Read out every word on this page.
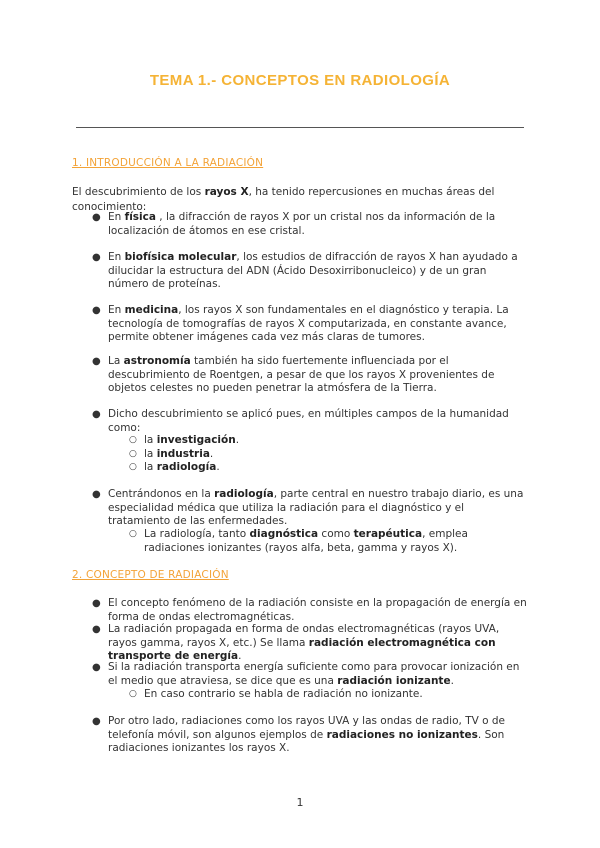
TEMA 1.- CONCEPTOS EN RADIOLOGÍA
1. INTRODUCCIÓN A LA RADIACIÓN

El descubrimiento de los rayos X, ha tenido repercusiones en muchas áreas del conocimiento:

● En física , la difracción de rayos X por un cristal nos da información de la localización de átomos en ese cristal.
● En biofísica molecular, los estudios de difracción de rayos X han ayudado a dilucidar la estructura del ADN (Ácido Desoxirribonucleico) y de un gran número de proteínas.
● En medicina, los rayos X son fundamentales en el diagnóstico y terapia. La tecnología de tomografías de rayos X computarizada, en constante avance, permite obtener imágenes cada vez más claras de tumores.
● La astronomía también ha sido fuertemente influenciada por el descubrimiento de Roentgen, a pesar de que los rayos X provenientes de objetos celestes no pueden penetrar la atmósfera de la Tierra.
● Dicho descubrimiento se aplicó pues, en múltiples campos de la humanidad como:
○ la investigación.
○ la industria.
○ la radiología.
● Centrándonos en la radiología, parte central en nuestro trabajo diario, es una especialidad médica que utiliza la radiación para el diagnóstico y el tratamiento de las enfermedades.
○ La radiología, tanto diagnóstica como terapéutica, emplea radiaciones ionizantes (rayos alfa, beta, gamma y rayos X).
2. CONCEPTO DE RADIACIÓN
● El concepto fenómeno de la radiación consiste en la propagación de energía en forma de ondas electromagnéticas.
● La radiación propagada en forma de ondas electromagnéticas (rayos UVA, rayos gamma, rayos X, etc.) Se llama radiación electromagnética con transporte de energía.
● Si la radiación transporta energía suficiente como para provocar ionización en el medio que atraviesa, se dice que es una radiación ionizante.
○ En caso contrario se habla de radiación no ionizante.
● Por otro lado, radiaciones como los rayos UVA y las ondas de radio, TV o de telefonía móvil, son algunos ejemplos de radiaciones no ionizantes. Son radiaciones ionizantes los rayos X.
1
